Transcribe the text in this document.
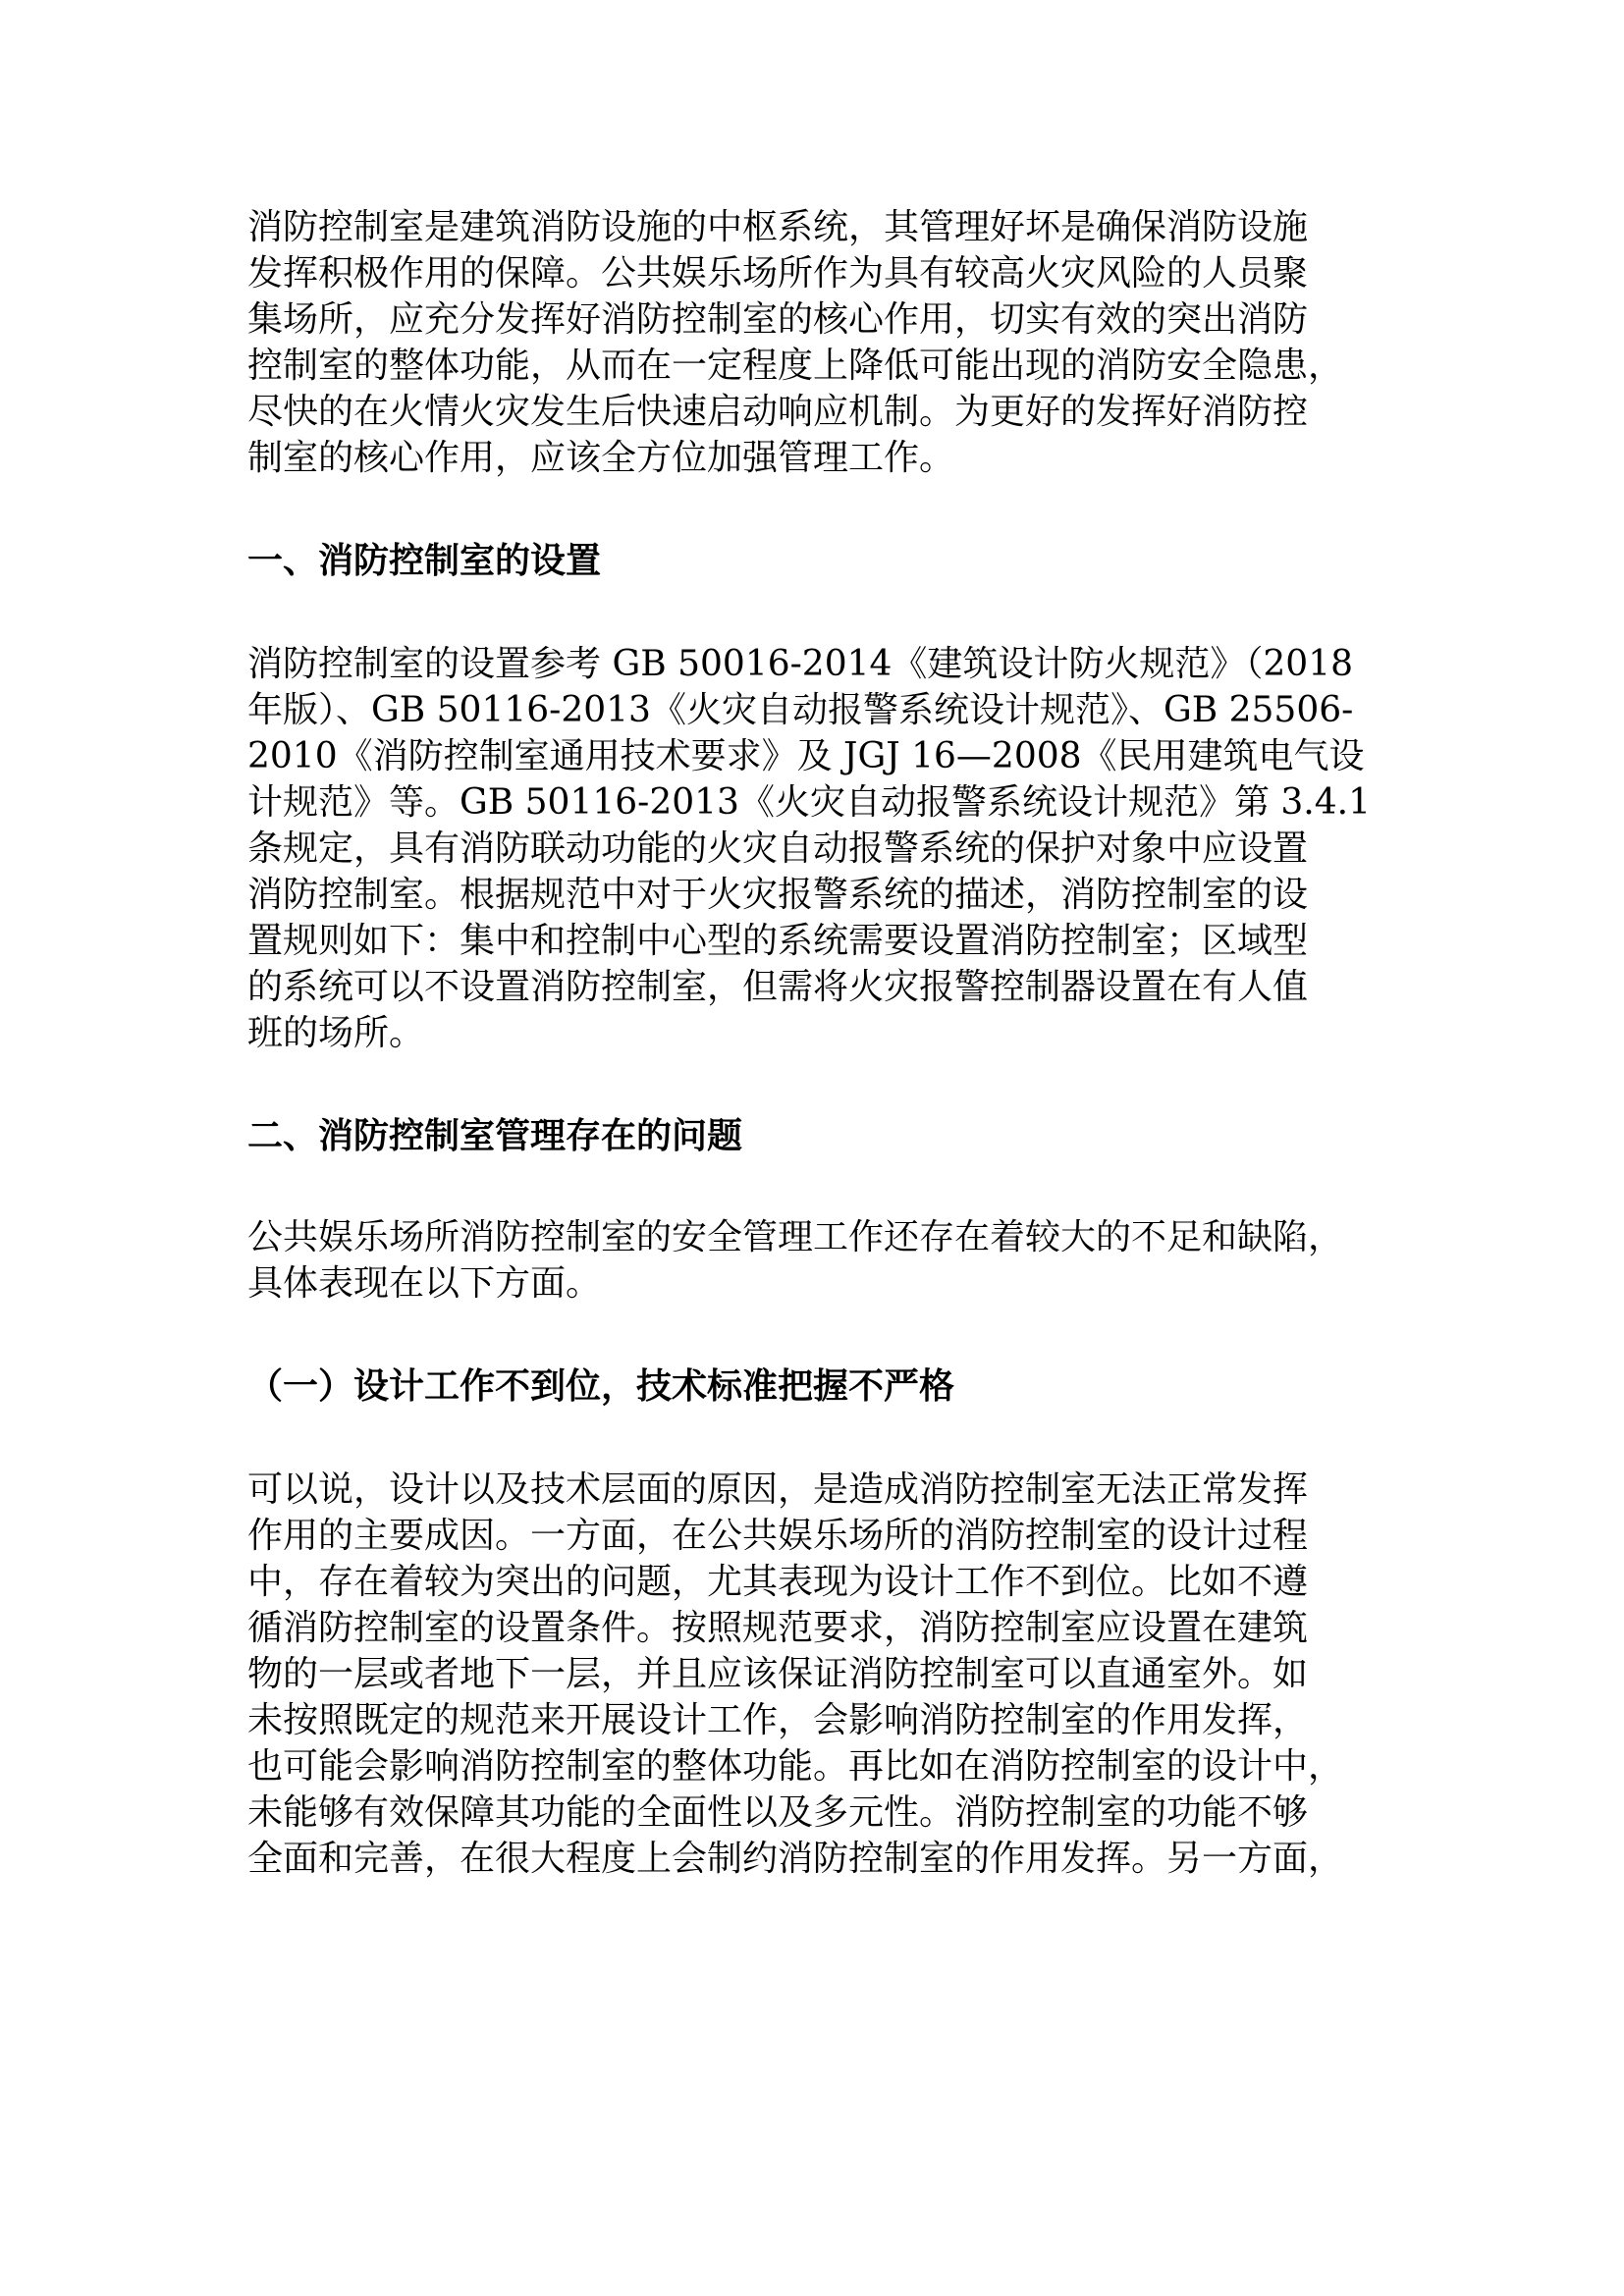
消防控制室是建筑消防设施的中枢系统，其管理好坏是确保消防设施
发挥积极作用的保障。公共娱乐场所作为具有较高火灾风险的人员聚
集场所，应充分发挥好消防控制室的核心作用，切实有效的突出消防
控制室的整体功能，从而在一定程度上降低可能出现的消防安全隐患，
尽快的在火情火灾发生后快速启动响应机制。为更好的发挥好消防控
制室的核心作用，应该全方位加强管理工作。

一、消防控制室的设置

消防控制室的设置参考 GB 50016-2014《建筑设计防火规范》（2018
年版）、GB 50116-2013《火灾自动报警系统设计规范》、GB 25506-
2010《消防控制室通用技术要求》及 JGJ 16—2008《民用建筑电气设
计规范》等。GB 50116-2013《火灾自动报警系统设计规范》第 3.4.1
条规定，具有消防联动功能的火灾自动报警系统的保护对象中应设置
消防控制室。根据规范中对于火灾报警系统的描述，消防控制室的设
置规则如下：集中和控制中心型的系统需要设置消防控制室；区域型
的系统可以不设置消防控制室，但需将火灾报警控制器设置在有人值
班的场所。

二、消防控制室管理存在的问题

公共娱乐场所消防控制室的安全管理工作还存在着较大的不足和缺陷，
具体表现在以下方面。

（一）设计工作不到位，技术标准把握不严格

可以说，设计以及技术层面的原因，是造成消防控制室无法正常发挥
作用的主要成因。一方面，在公共娱乐场所的消防控制室的设计过程
中，存在着较为突出的问题，尤其表现为设计工作不到位。比如不遵
循消防控制室的设置条件。按照规范要求，消防控制室应设置在建筑
物的一层或者地下一层，并且应该保证消防控制室可以直通室外。如
未按照既定的规范来开展设计工作，会影响消防控制室的作用发挥，
也可能会影响消防控制室的整体功能。再比如在消防控制室的设计中，
未能够有效保障其功能的全面性以及多元性。消防控制室的功能不够
全面和完善，在很大程度上会制约消防控制室的作用发挥。另一方面，
